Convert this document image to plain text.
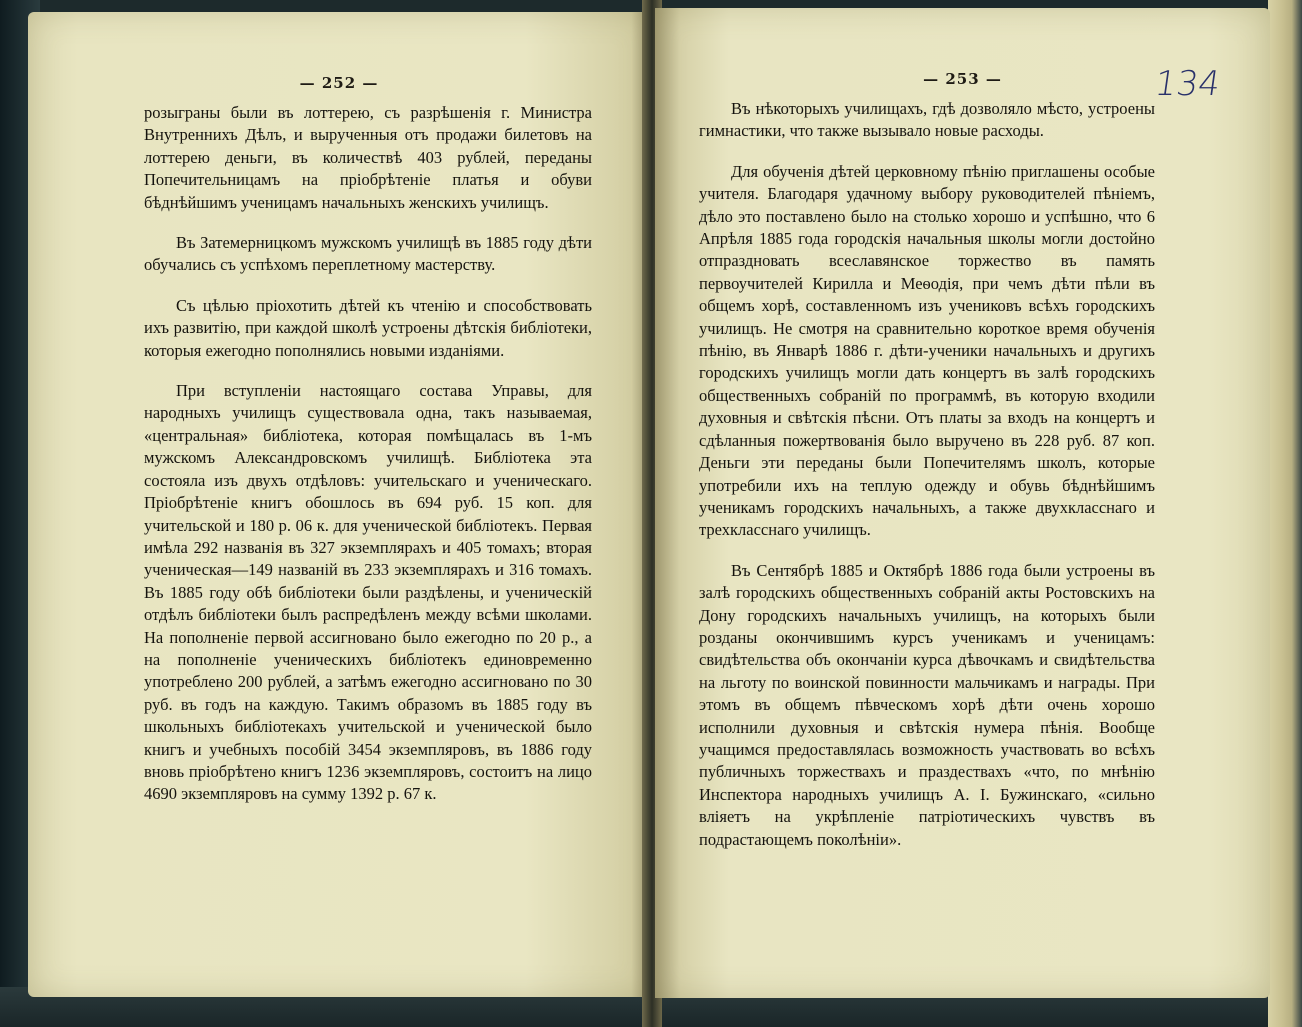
— 252 —

розыграны были въ лоттерею, съ разрѣшенія г. Министра Внутреннихъ Дѣлъ, и вырученныя отъ продажи билетовъ на лоттерею деньги, въ количествѣ 403 рублей, переданы Попечительницамъ на пріобрѣтеніе платья и обуви бѣднѣйшимъ ученицамъ начальныхъ женскихъ училищъ.

Въ Затемерницкомъ мужскомъ училищѣ въ 1885 году дѣти обучались съ успѣхомъ переплетному мастерству.

Съ цѣлью пріохотить дѣтей къ чтенію и способствовать ихъ развитію, при каждой школѣ устроены дѣтскія библіотеки, которыя ежегодно пополнялись новыми изданіями.

При вступленіи настоящаго состава Управы, для народныхъ училищъ существовала одна, такъ называемая, «центральная» библіотека, которая помѣщалась въ 1-мъ мужскомъ Александровскомъ училищѣ. Библіотека эта состояла изъ двухъ отдѣловъ: учительскаго и ученическаго. Пріобрѣтеніе книгъ обошлось въ 694 руб. 15 коп. для учительской и 180 р. 06 к. для ученической библіотекъ. Первая имѣла 292 названія въ 327 экземплярахъ и 405 томахъ; вторая ученическая—149 названій въ 233 экземплярахъ и 316 томахъ. Въ 1885 году обѣ библіотеки были раздѣлены, и ученическій отдѣлъ библіотеки былъ распредѣленъ между всѣми школами. На пополненіе первой ассигновано было ежегодно по 20 р., а на пополненіе ученическихъ библіотекъ единовременно употреблено 200 рублей, а затѣмъ ежегодно ассигновано по 30 руб. въ годъ на каждую. Такимъ образомъ въ 1885 году въ школьныхъ библіотекахъ учительской и ученической было книгъ и учебныхъ пособій 3454 экземпляровъ, въ 1886 году вновь пріобрѣтено книгъ 1236 экземпляровъ, состоитъ на лицо 4690 экземпляровъ на сумму 1392 р. 67 к.

— 253 —	134

Въ нѣкоторыхъ училищахъ, гдѣ дозволяло мѣсто, устроены гимнастики, что также вызывало новые расходы.

Для обученія дѣтей церковному пѣнію приглашены особые учителя. Благодаря удачному выбору руководителей пѣніемъ, дѣло это поставлено было на столько хорошо и успѣшно, что 6 Апрѣля 1885 года городскія начальныя школы могли достойно отпраздновать всеславянское торжество въ память первоучителей Кирилла и Меѳодія, при чемъ дѣти пѣли въ общемъ хорѣ, составленномъ изъ учениковъ всѣхъ городскихъ училищъ. Не смотря на сравнительно короткое время обученія пѣнію, въ Январѣ 1886 г. дѣти-ученики начальныхъ и другихъ городскихъ училищъ могли дать концертъ въ залѣ городскихъ общественныхъ собраній по программѣ, въ которую входили духовныя и свѣтскія пѣсни. Отъ платы за входъ на концертъ и сдѣланныя пожертвованія было выручено въ 228 руб. 87 коп. Деньги эти переданы были Попечителямъ школъ, которые употребили ихъ на теплую одежду и обувь бѣднѣйшимъ ученикамъ городскихъ начальныхъ, а также двухкласснаго и трехкласснаго училищъ.

Въ Сентябрѣ 1885 и Октябрѣ 1886 года были устроены въ залѣ городскихъ общественныхъ собраній акты Ростовскихъ на Дону городскихъ начальныхъ училищъ, на которыхъ были розданы окончившимъ курсъ ученикамъ и ученицамъ: свидѣтельства объ окончаніи курса дѣвочкамъ и свидѣтельства на льготу по воинской повинности мальчикамъ и награды. При этомъ въ общемъ пѣвческомъ хорѣ дѣти очень хорошо исполнили духовныя и свѣтскія нумера пѣнія. Вообще учащимся предоставлялась возможность участвовать во всѣхъ публичныхъ торжествахъ и праздествахъ «что, по мнѣнію Инспектора народныхъ училищъ А. І. Бужинскаго, «сильно вліяетъ на укрѣпленіе патріотическихъ чувствъ въ подрастающемъ поколѣніи».
